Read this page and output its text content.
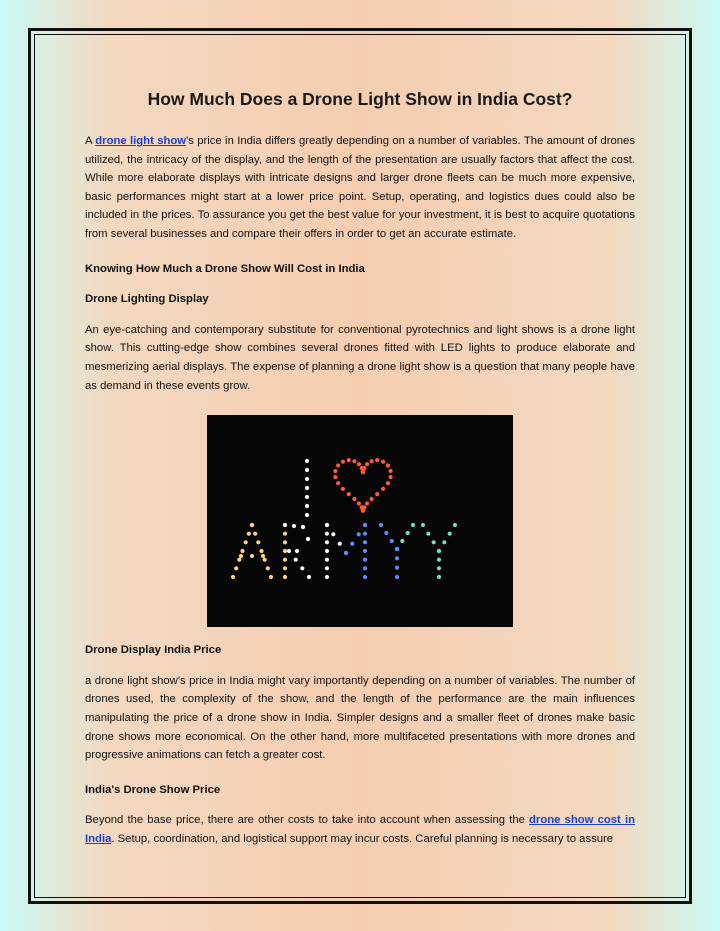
How Much Does a Drone Light Show in India Cost?

A drone light show's price in India differs greatly depending on a number of variables. The amount of drones utilized, the intricacy of the display, and the length of the presentation are usually factors that affect the cost. While more elaborate displays with intricate designs and larger drone fleets can be much more expensive, basic performances might start at a lower price point. Setup, operating, and logistics dues could also be included in the prices. To assurance you get the best value for your investment, it is best to acquire quotations from several businesses and compare their offers in order to get an accurate estimate.

Knowing How Much a Drone Show Will Cost in India
Drone Lighting Display

An eye-catching and contemporary substitute for conventional pyrotechnics and light shows is a drone light show. This cutting-edge show combines several drones fitted with LED lights to produce elaborate and mesmerizing aerial displays. The expense of planning a drone light show is a question that many people have as demand in these events grow.

Drone Display India Price

a drone light show's price in India might vary importantly depending on a number of variables. The number of drones used, the complexity of the show, and the length of the performance are the main influences manipulating the price of a drone show in India. Simpler designs and a smaller fleet of drones make basic drone shows more economical. On the other hand, more multifaceted presentations with more drones and progressive animations can fetch a greater cost.

India's Drone Show Price

Beyond the base price, there are other costs to take into account when assessing the drone show cost in India. Setup, coordination, and logistical support may incur costs. Careful planning is necessary to assure
